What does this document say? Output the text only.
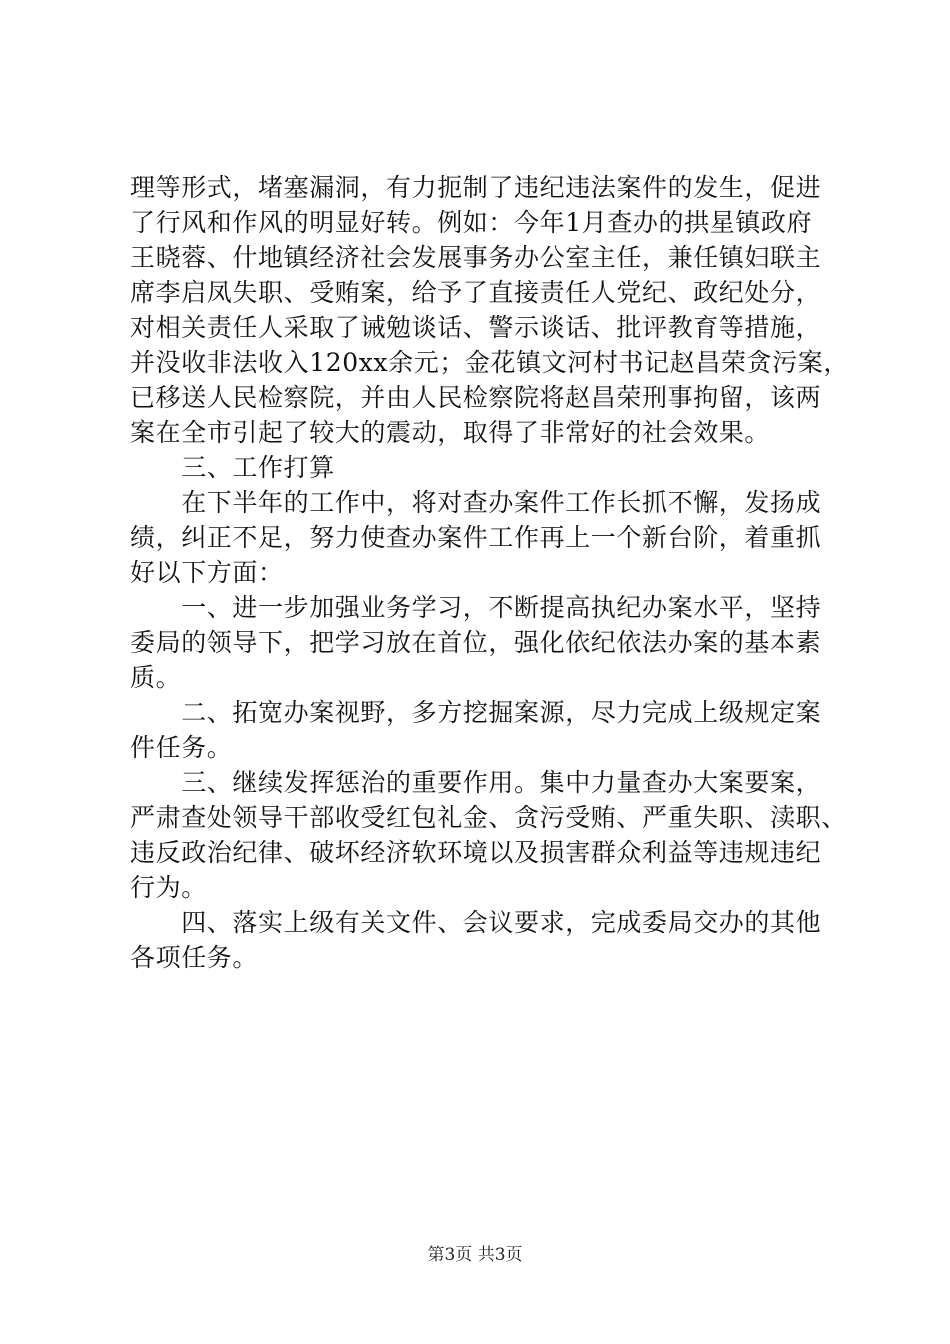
理等形式，堵塞漏洞，有力扼制了违纪违法案件的发生，促进
了行风和作风的明显好转。例如：今年1月查办的拱星镇政府
王晓蓉、什地镇经济社会发展事务办公室主任，兼任镇妇联主
席李启凤失职、受贿案，给予了直接责任人党纪、政纪处分，
对相关责任人采取了诫勉谈话、警示谈话、批评教育等措施，
并没收非法收入120xx余元；金花镇文河村书记赵昌荣贪污案，
已移送人民检察院，并由人民检察院将赵昌荣刑事拘留，该两
案在全市引起了较大的震动，取得了非常好的社会效果。
　　三、工作打算
　　在下半年的工作中，将对查办案件工作长抓不懈，发扬成
绩，纠正不足，努力使查办案件工作再上一个新台阶，着重抓
好以下方面：
　　一、进一步加强业务学习，不断提高执纪办案水平，坚持
委局的领导下，把学习放在首位，强化依纪依法办案的基本素
质。
　　二、拓宽办案视野，多方挖掘案源，尽力完成上级规定案
件任务。
　　三、继续发挥惩治的重要作用。集中力量查办大案要案，
严肃查处领导干部收受红包礼金、贪污受贿、严重失职、渎职、
违反政治纪律、破坏经济软环境以及损害群众利益等违规违纪
行为。
　　四、落实上级有关文件、会议要求，完成委局交办的其他
各项任务。
第3页 共3页
